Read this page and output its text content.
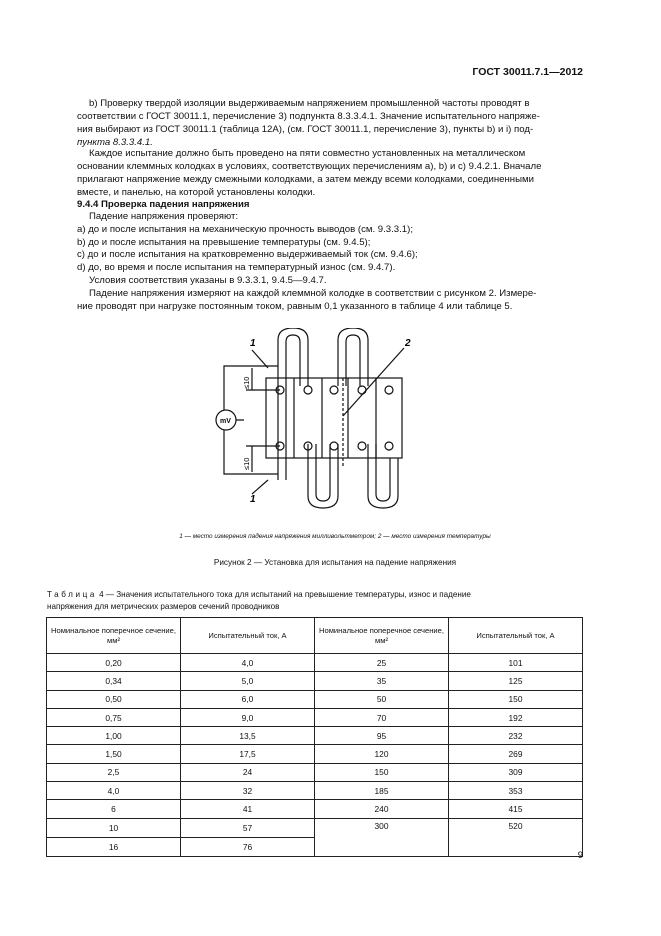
ГОСТ 30011.7.1—2012
b) Проверку твердой изоляции выдерживаемым напряжением промышленной частоты проводят в
соответствии с ГОСТ 30011.1, перечисление 3) подпункта 8.3.3.4.1. Значение испытательного напряже-
ния выбирают из ГОСТ 30011.1 (таблица 12A), (см. ГОСТ 30011.1, перечисление 3), пункты b) и i) под-
пункта 8.3.3.4.1.
Каждое испытание должно быть проведено на пяти совместно установленных на металлическом
основании клеммных колодках в условиях, соответствующих перечислениям a), b) и c) 9.4.2.1. Вначале
прилагают напряжение между смежными колодками, а затем между всеми колодками, соединенными
вместе, и панелью, на которой установлены колодки.
9.4.4 Проверка падения напряжения
Падение напряжения проверяют:
a) до и после испытания на механическую прочность выводов (см. 9.3.3.1);
b) до и после испытания на превышение температуры (см. 9.4.5);
c) до и после испытания на кратковременно выдерживаемый ток (см. 9.4.6);
d) до, во время и после испытания на температурный износ (см. 9.4.7).
Условия соответствия указаны в 9.3.3.1, 9.4.5—9.4.7.
Падение напряжения измеряют на каждой клеммной колодке в соответствии с рисунком 2. Измере-
ние проводят при нагрузке постоянным током, равным 0,1 указанного в таблице 4 или таблице 5.
mV
1
1
2
≤10
≤10
1 — место измерения падения напряжения милливольтметром; 2 — место измерения температуры
Рисунок 2 — Установка для испытания на падение напряжения
Таблица 4 — Значения испытательного тока для испытаний на превышение температуры, износ и падение
напряжения для метрических размеров сечений проводников
Номинальное поперечное сечение, мм²	Испытательный ток, А	Номинальное поперечное сечение, мм²	Испытательный ток, А
0,20	4,0	25	101
0,34	5,0	35	125
0,50	6,0	50	150
0,75	9,0	70	192
1,00	13,5	95	232
1,50	17,5	120	269
2,5	24	150	309
4,0	32	185	353
6	41	240	415
10	57	300	520
16	76		
9
